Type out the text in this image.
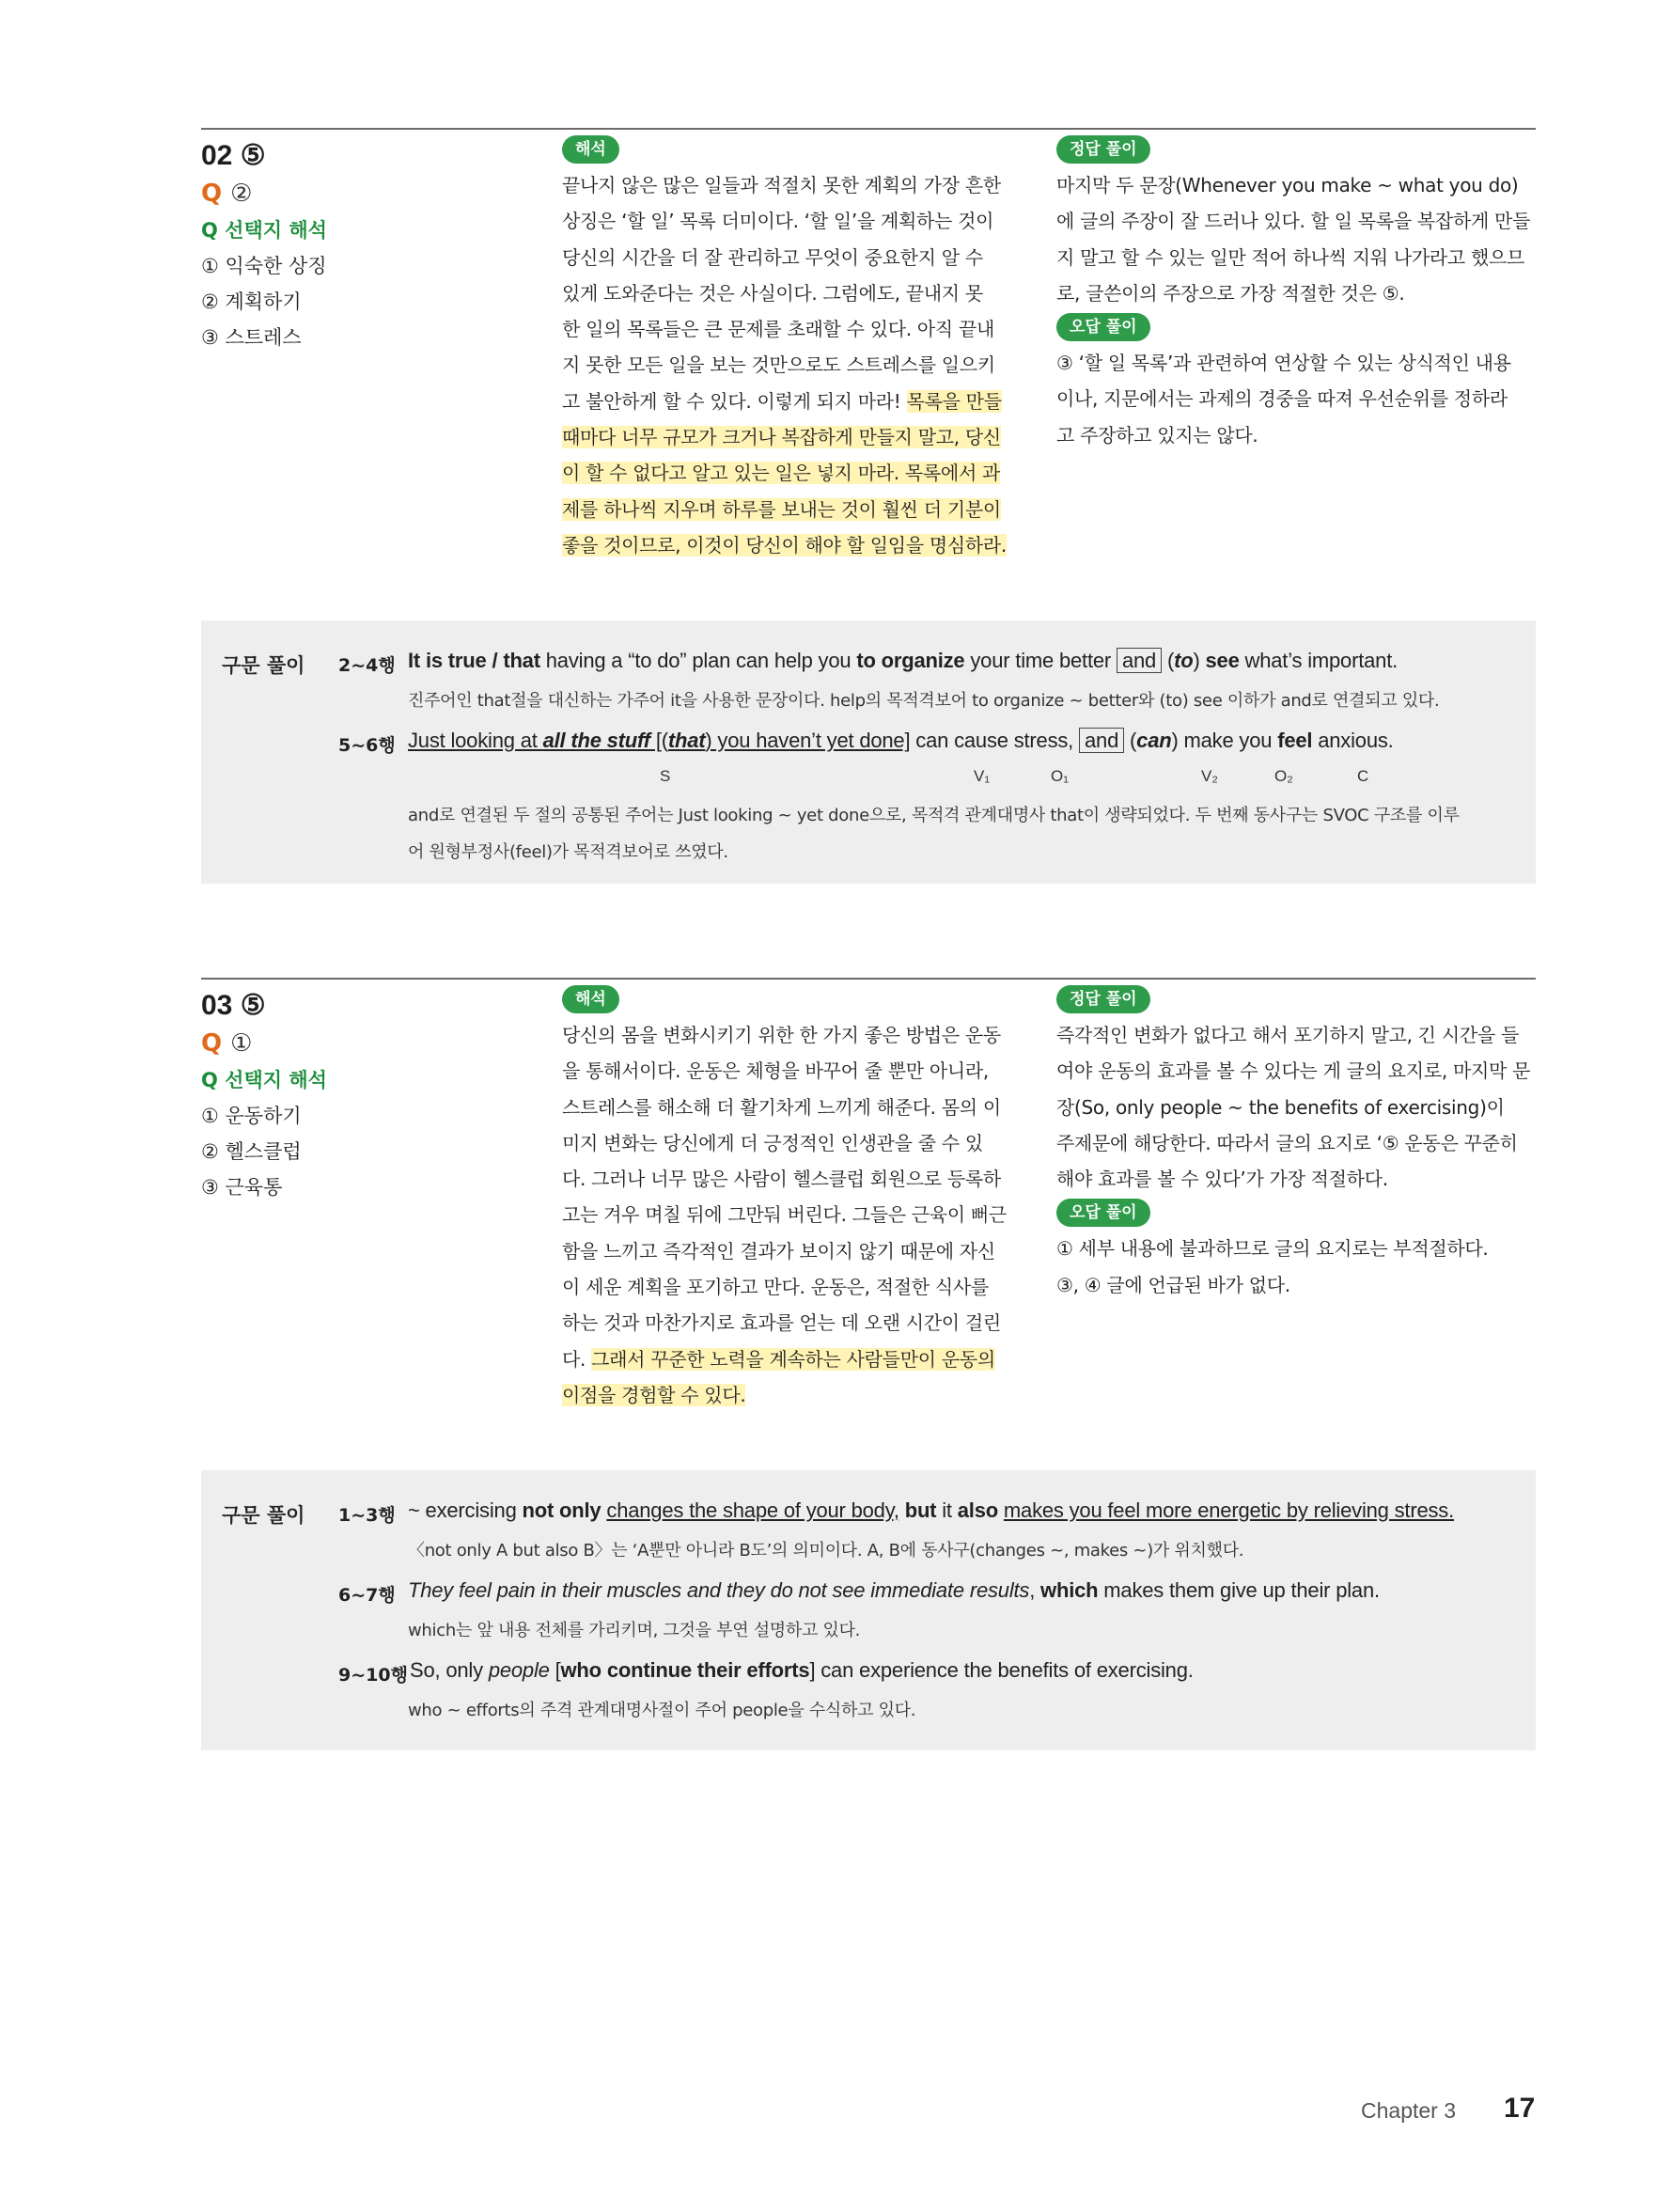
02 ⑤
Q ②
Q 선택지 해석
① 익숙한 상징
② 계획하기
③ 스트레스
해석
끝나지 않은 많은 일들과 적절치 못한 계획의 가장 흔한
상징은 ‘할 일’ 목록 더미이다. ‘할 일’을 계획하는 것이
당신의 시간을 더 잘 관리하고 무엇이 중요한지 알 수
있게 도와준다는 것은 사실이다. 그럼에도, 끝내지 못
한 일의 목록들은 큰 문제를 초래할 수 있다. 아직 끝내
지 못한 모든 일을 보는 것만으로도 스트레스를 일으키
고 불안하게 할 수 있다. 이렇게 되지 마라! 목록을 만들
때마다 너무 규모가 크거나 복잡하게 만들지 말고, 당신
이 할 수 없다고 알고 있는 일은 넣지 마라. 목록에서 과
제를 하나씩 지우며 하루를 보내는 것이 훨씬 더 기분이
좋을 것이므로, 이것이 당신이 해야 할 일임을 명심하라.
정답 풀이
마지막 두 문장(Whenever you make ~ what you do)
에 글의 주장이 잘 드러나 있다. 할 일 목록을 복잡하게 만들
지 말고 할 수 있는 일만 적어 하나씩 지워 나가라고 했으므
로, 글쓴이의 주장으로 가장 적절한 것은 ⑤.
오답 풀이
③ ‘할 일 목록’과 관련하여 연상할 수 있는 상식적인 내용
이나, 지문에서는 과제의 경중을 따져 우선순위를 정하라
고 주장하고 있지는 않다.
구문 풀이 2~4행 It is true / that having a “to do” plan can help you to organize your time better and (to) see what’s important.
진주어인 that절을 대신하는 가주어 it을 사용한 문장이다. help의 목적격보어 to organize ~ better와 (to) see 이하가 and로 연결되고 있다.
5~6행 Just looking at all the stuff [(that) you haven’t yet done] can cause stress, and (can) make you feel anxious.
S	V₁	O₁	V₂	O₂	C
and로 연결된 두 절의 공통된 주어는 Just looking ~ yet done으로, 목적격 관계대명사 that이 생략되었다. 두 번째 동사구는 SVOC 구조를 이루
어 원형부정사(feel)가 목적격보어로 쓰였다.
03 ⑤
Q ①
Q 선택지 해석
① 운동하기
② 헬스클럽
③ 근육통
해석
당신의 몸을 변화시키기 위한 한 가지 좋은 방법은 운동
을 통해서이다. 운동은 체형을 바꾸어 줄 뿐만 아니라,
스트레스를 해소해 더 활기차게 느끼게 해준다. 몸의 이
미지 변화는 당신에게 더 긍정적인 인생관을 줄 수 있
다. 그러나 너무 많은 사람이 헬스클럽 회원으로 등록하
고는 겨우 며칠 뒤에 그만둬 버린다. 그들은 근육이 뻐근
함을 느끼고 즉각적인 결과가 보이지 않기 때문에 자신
이 세운 계획을 포기하고 만다. 운동은, 적절한 식사를
하는 것과 마찬가지로 효과를 얻는 데 오랜 시간이 걸린
다. 그래서 꾸준한 노력을 계속하는 사람들만이 운동의
이점을 경험할 수 있다.
정답 풀이
즉각적인 변화가 없다고 해서 포기하지 말고, 긴 시간을 들
여야 운동의 효과를 볼 수 있다는 게 글의 요지로, 마지막 문
장(So, only people ~ the benefits of exercising)이
주제문에 해당한다. 따라서 글의 요지로 ‘⑤ 운동은 꾸준히
해야 효과를 볼 수 있다’가 가장 적절하다.
오답 풀이
① 세부 내용에 불과하므로 글의 요지로는 부적절하다.
③, ④ 글에 언급된 바가 없다.
구문 풀이 1~3행 ~ exercising not only changes the shape of your body, but it also makes you feel more energetic by relieving stress.
〈not only A but also B〉는 ‘A뿐만 아니라 B도’의 의미이다. A, B에 동사구(changes ~, makes ~)가 위치했다.
6~7행 They feel pain in their muscles and they do not see immediate results, which makes them give up their plan.
which는 앞 내용 전체를 가리키며, 그것을 부연 설명하고 있다.
9~10행 So, only people [who continue their efforts] can experience the benefits of exercising.
who ~ efforts의 주격 관계대명사절이 주어 people을 수식하고 있다.
Chapter 3 17
